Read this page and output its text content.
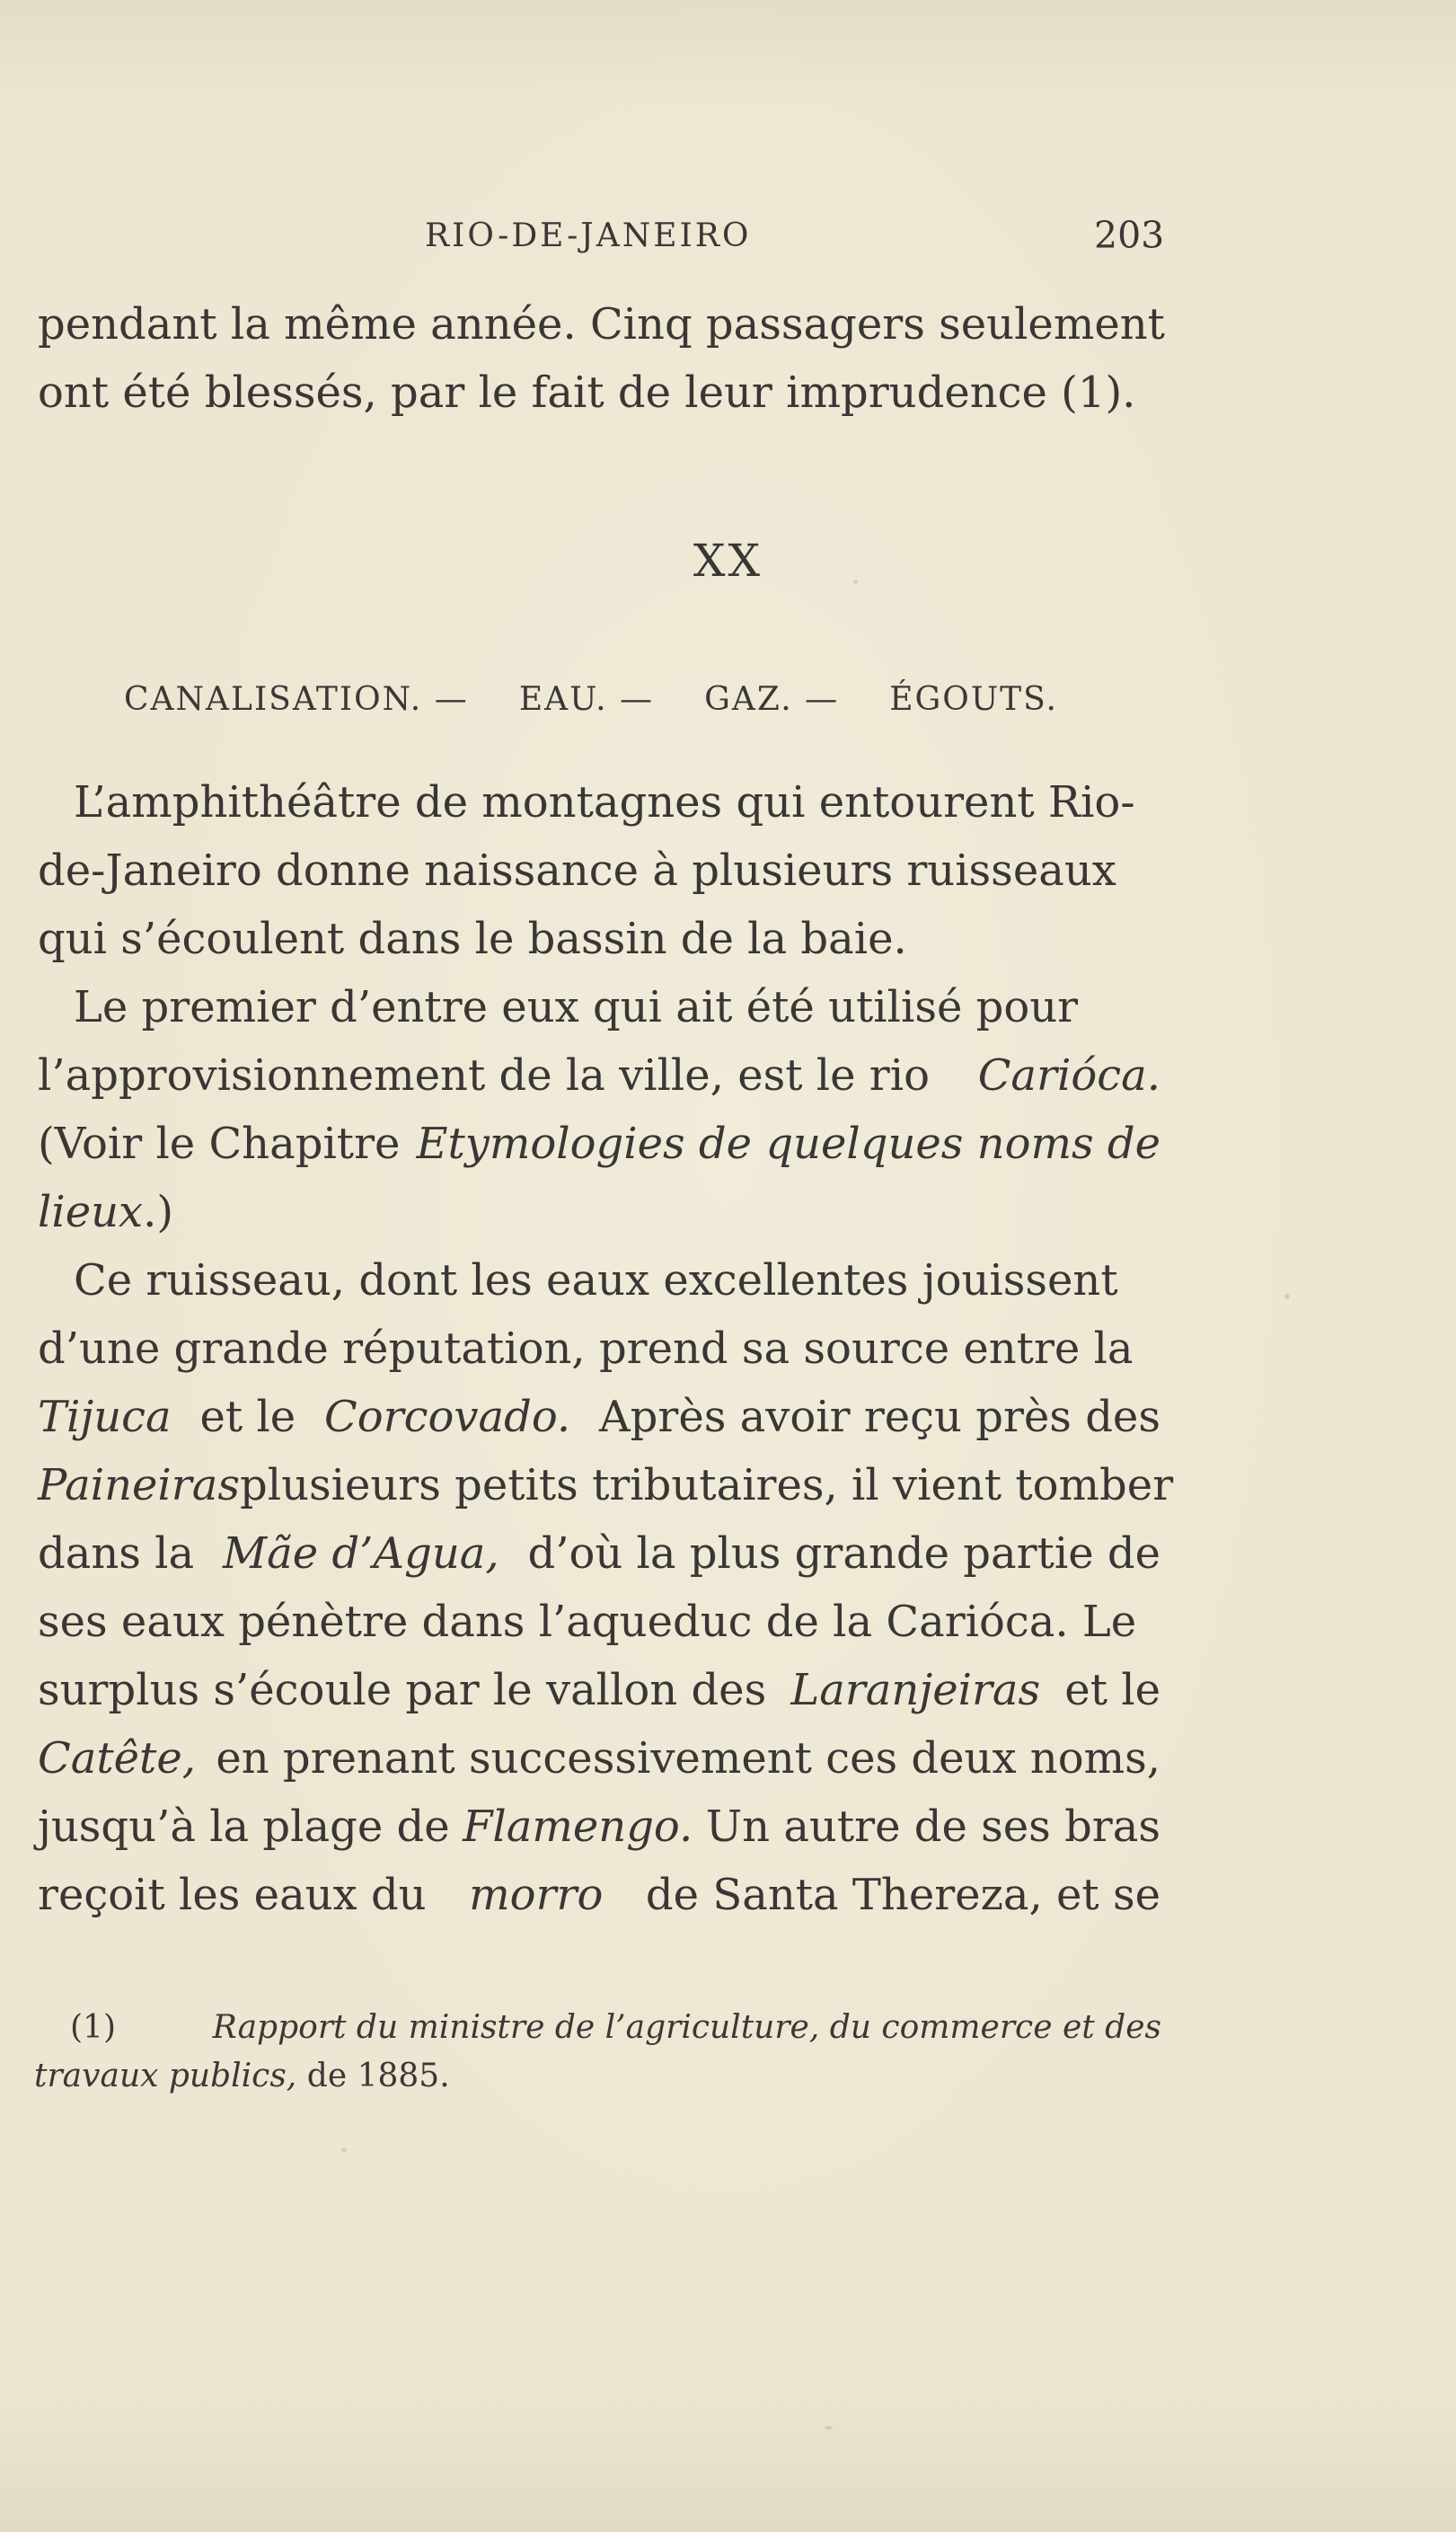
RIO-DE-JANEIRO	203
pendant la même année. Cinq passagers seulement
ont été blessés, par le fait de leur imprudence (1).
XX
CANALISATION. — EAU. — GAZ. — ÉGOUTS.
L’amphithéâtre de montagnes qui entourent Rio-
de-Janeiro donne naissance à plusieurs ruisseaux
qui s’écoulent dans le bassin de la baie.
Le premier d’entre eux qui ait été utilisé pour
l’approvisionnement de la ville, est le rio Carióca.
(Voir le Chapitre Etymologies de quelques noms de
lieux .)
Ce ruisseau, dont les eaux excellentes jouissent
d’une grande réputation, prend sa source entre la
Tijuca et le Corcovado. Après avoir reçu près des
Paineiras plusieurs petits tributaires, il vient tomber
dans la Mãe d’Agua, d’où la plus grande partie de
ses eaux pénètre dans l’aqueduc de la Carióca. Le
surplus s’écoule par le vallon des Laranjeiras et le
Catête, en prenant successivement ces deux noms,
jusqu’à la plage de Flamengo. Un autre de ses bras
reçoit les eaux du morro de Santa Thereza, et se
(1)	Rapport du ministre de l’agriculture, du commerce et des
travaux publics, de 1885.
